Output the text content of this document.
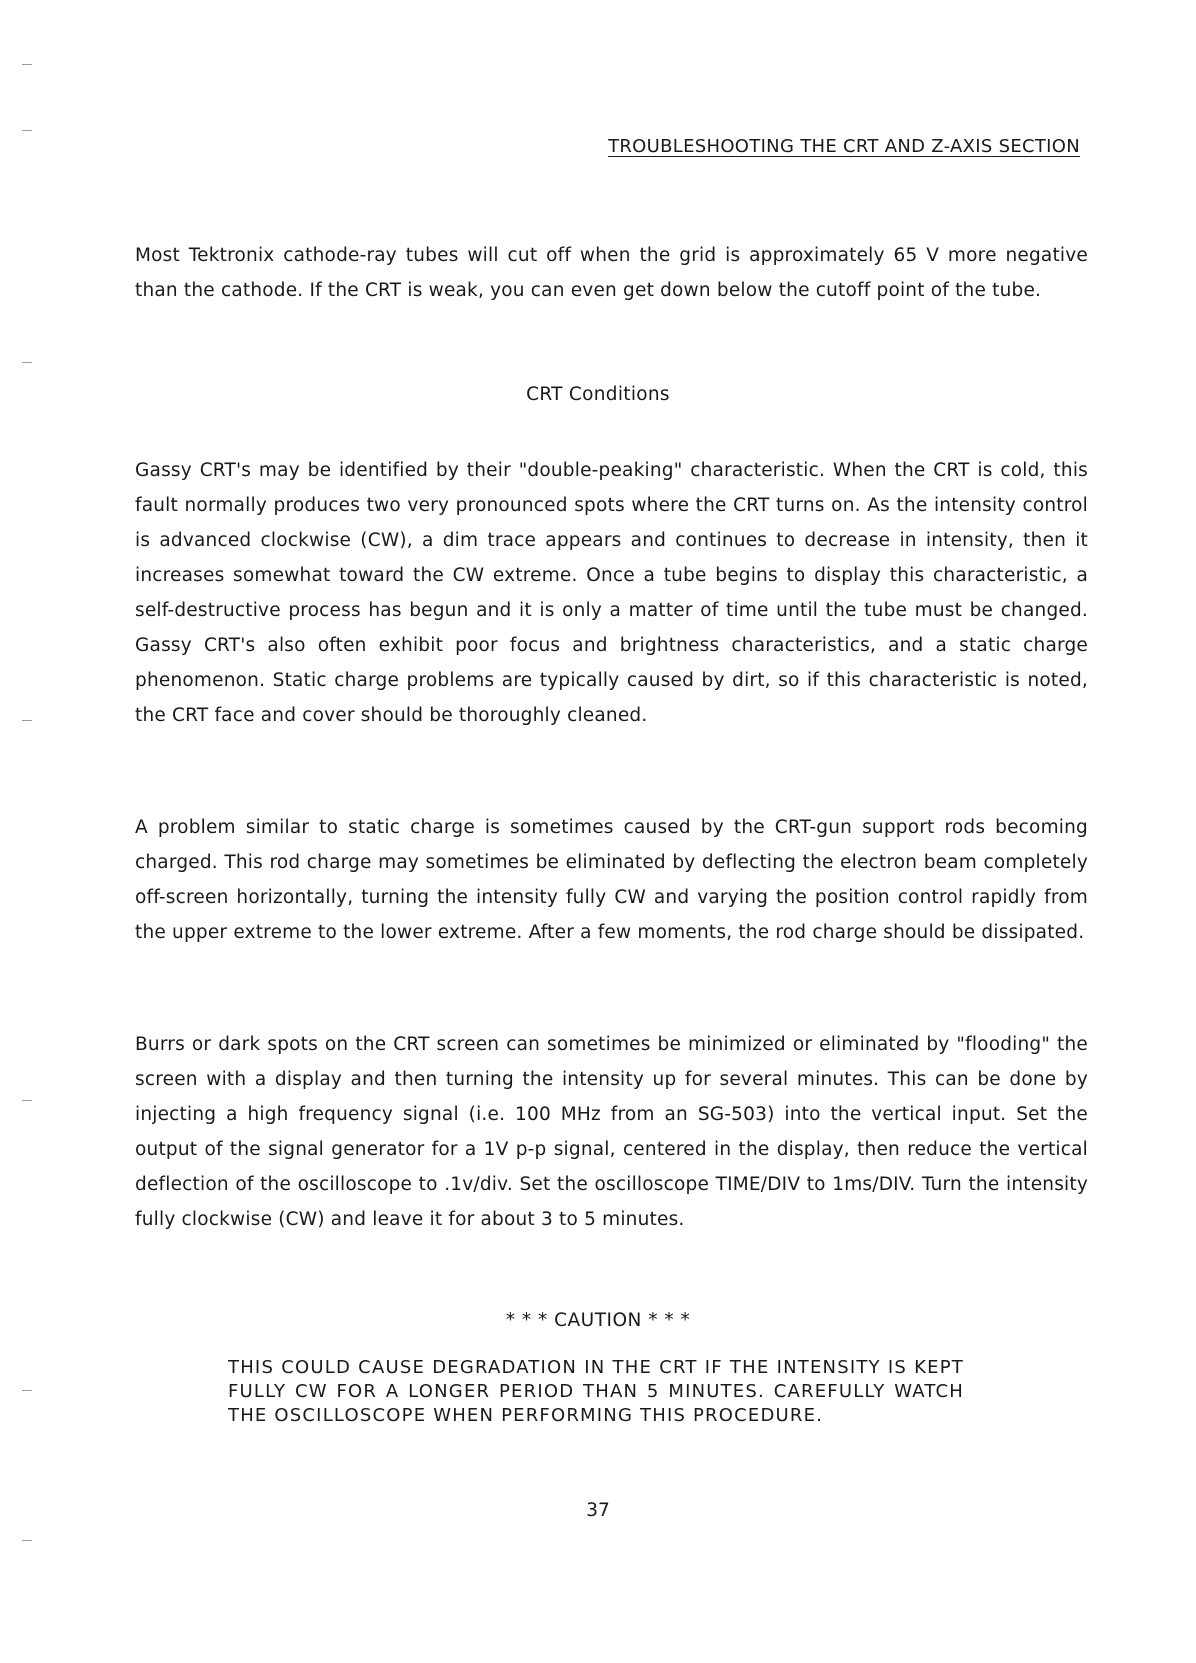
TROUBLESHOOTING THE CRT AND Z-AXIS SECTION

Most Tektronix cathode-ray tubes will cut off when the grid is approximately 65 V more negative than the cathode. If the CRT is weak, you can even get down below the cutoff point of the tube.

CRT Conditions

Gassy CRT's may be identified by their "double-peaking" characteristic. When the CRT is cold, this fault normally produces two very pronounced spots where the CRT turns on. As the intensity control is advanced clockwise (CW), a dim trace appears and continues to decrease in intensity, then it increases somewhat toward the CW extreme. Once a tube begins to display this characteristic, a self-destructive process has begun and it is only a matter of time until the tube must be changed. Gassy CRT's also often exhibit poor focus and brightness characteristics, and a static charge phenomenon. Static charge problems are typically caused by dirt, so if this characteristic is noted, the CRT face and cover should be thoroughly cleaned.

A problem similar to static charge is sometimes caused by the CRT-gun support rods becoming charged. This rod charge may sometimes be eliminated by deflecting the electron beam completely off-screen horizontally, turning the intensity fully CW and varying the position control rapidly from the upper extreme to the lower extreme. After a few moments, the rod charge should be dissipated.

Burrs or dark spots on the CRT screen can sometimes be minimized or eliminated by "flooding" the screen with a display and then turning the intensity up for several minutes. This can be done by injecting a high frequency signal (i.e. 100 MHz from an SG-503) into the vertical input. Set the output of the signal generator for a 1V p-p signal, centered in the display, then reduce the vertical deflection of the oscilloscope to .1v/div. Set the oscilloscope TIME/DIV to 1ms/DIV. Turn the intensity fully clockwise (CW) and leave it for about 3 to 5 minutes.

* * * CAUTION * * *
THIS COULD CAUSE DEGRADATION IN THE CRT IF THE INTENSITY IS KEPT FULLY CW FOR A LONGER PERIOD THAN 5 MINUTES. CAREFULLY WATCH THE OSCILLOSCOPE WHEN PERFORMING THIS PROCEDURE.
37
